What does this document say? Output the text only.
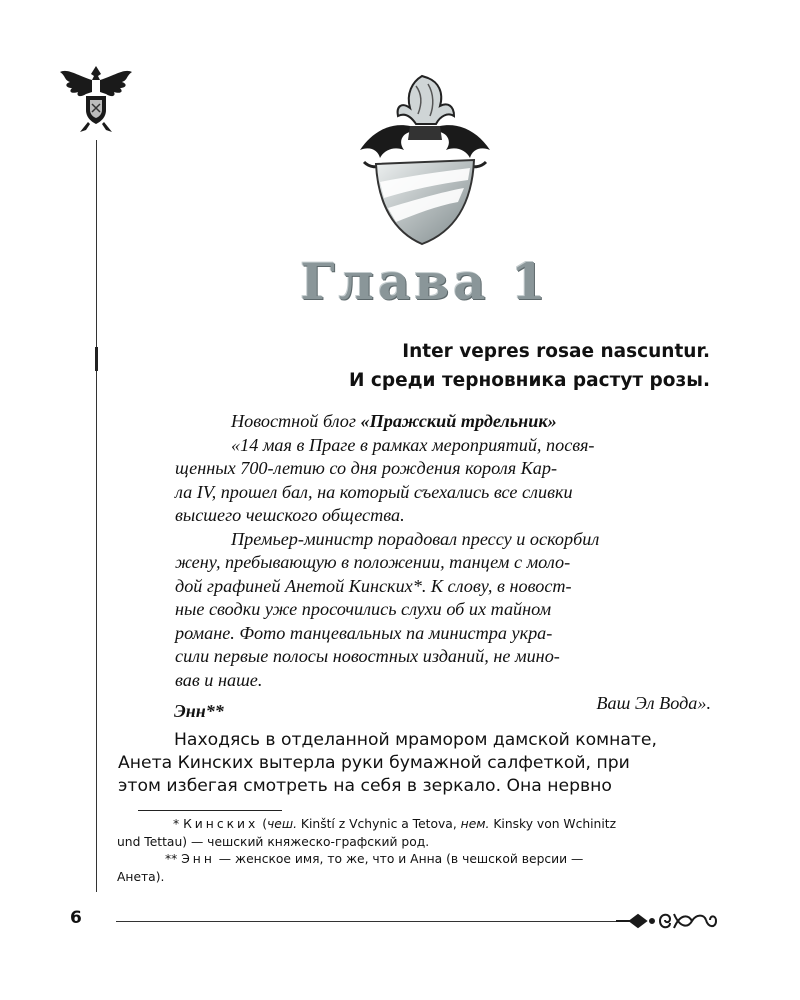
Глава 1
Inter vepres rosae nascuntur.
И среди терновника растут розы.

Новостной блог «Пражский трдельник»

«14 мая в Праге в рамках мероприятий, посвя-
щенных 700-летию со дня рождения короля Кар-
ла IV, прошел бал, на который съехались все сливки
высшего чешского общества.
Премьер-министр порадовал прессу и оскорбил
жену, пребывающую в положении, танцем с моло-
дой графиней Анетой Кинских*. К слову, в новост-
ные сводки уже просочились слухи об их тайном
романе. Фото танцевальных па министра укра-
сили первые полосы новостных изданий, не мино-
вав и наше.

Ваш Эл Вода».

Энн**
Находясь в отделанной мрамором дамской комнате,
Анета Кинских вытерла руки бумажной салфеткой, при
этом избегая смотреть на себя в зеркало. Она нервно
* Кинских (чеш. Kinští z Vchynic a Tetova, нем. Kinsky von Wchinitz
und Tettau) — чешский княжеско-графский род.
** Энн — женское имя, то же, что и Анна (в чешской версии —
Анета).
6
